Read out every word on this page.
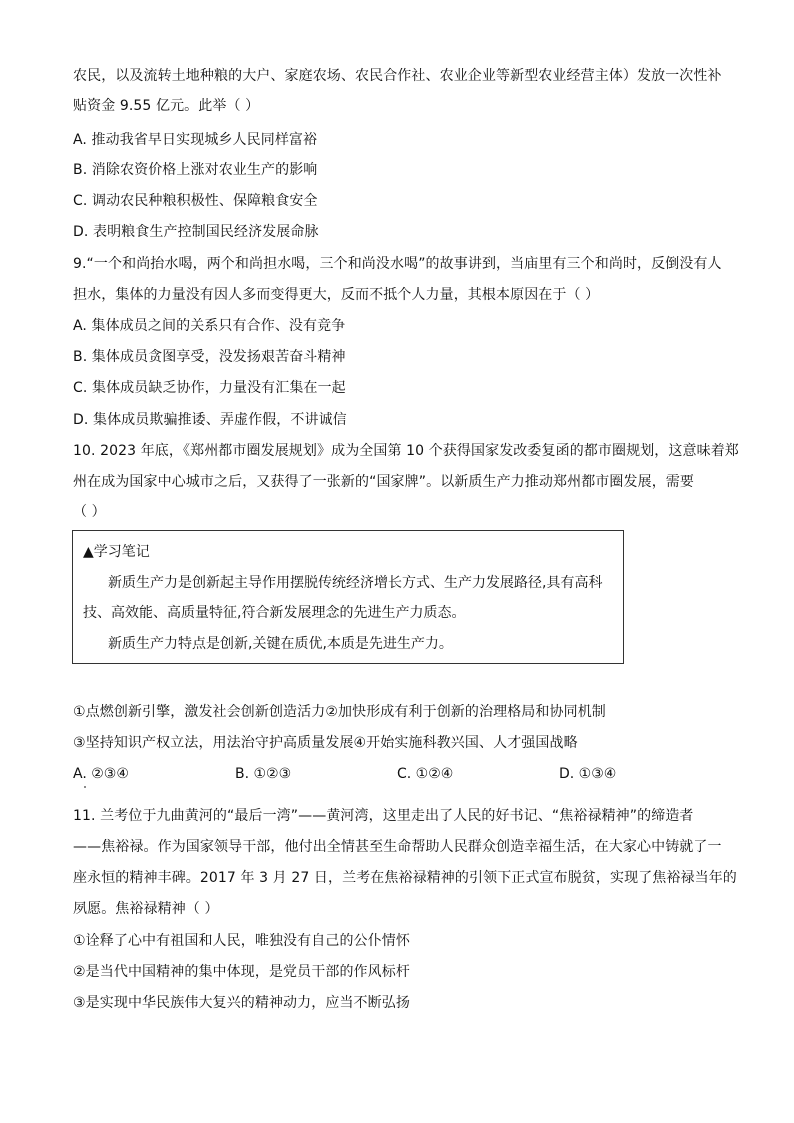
农民，以及流转土地种粮的大户、家庭农场、农民合作社、农业企业等新型农业经营主体）发放一次性补
贴资金 9.55 亿元。此举（ ）
A. 推动我省早日实现城乡人民同样富裕
B. 消除农资价格上涨对农业生产的影响
C. 调动农民种粮积极性、保障粮食安全
D. 表明粮食生产控制国民经济发展命脉
9.“一个和尚抬水喝，两个和尚担水喝，三个和尚没水喝”的故事讲到，当庙里有三个和尚时，反倒没有人
担水，集体的力量没有因人多而变得更大，反而不抵个人力量，其根本原因在于（ ）
A. 集体成员之间的关系只有合作、没有竞争
B. 集体成员贪图享受，没发扬艰苦奋斗精神
C. 集体成员缺乏协作，力量没有汇集在一起
D. 集体成员欺骗推诿、弄虚作假，不讲诚信
10. 2023 年底，《郑州都市圈发展规划》成为全国第 10 个获得国家发改委复函的都市圈规划，这意味着郑
州在成为国家中心城市之后，又获得了一张新的“国家牌”。以新质生产力推动郑州都市圈发展，需要
（ ）
▲学习笔记
新质生产力是创新起主导作用摆脱传统经济增长方式、生产力发展路径,具有高科
技、高效能、高质量特征,符合新发展理念的先进生产力质态。
新质生产力特点是创新,关键在质优,本质是先进生产力。
①点燃创新引擎，激发社会创新创造活力②加快形成有利于创新的治理格局和协同机制
③坚持知识产权立法，用法治守护高质量发展④开始实施科教兴国、人才强国战略
A. ②③④	B. ①②③	C. ①②④	D. ①③④
11. 兰考位于九曲黄河的“最后一湾”——黄河湾，这里走出了人民的好书记、“焦裕禄精神”的缔造者
——焦裕禄。作为国家领导干部，他付出全情甚至生命帮助人民群众创造幸福生活，在大家心中铸就了一
座永恒的精神丰碑。2017 年 3 月 27 日，兰考在焦裕禄精神的引领下正式宣布脱贫，实现了焦裕禄当年的
夙愿。焦裕禄精神（ ）
①诠释了心中有祖国和人民，唯独没有自己的公仆情怀
②是当代中国精神的集中体现，是党员干部的作风标杆
③是实现中华民族伟大复兴的精神动力，应当不断弘扬
